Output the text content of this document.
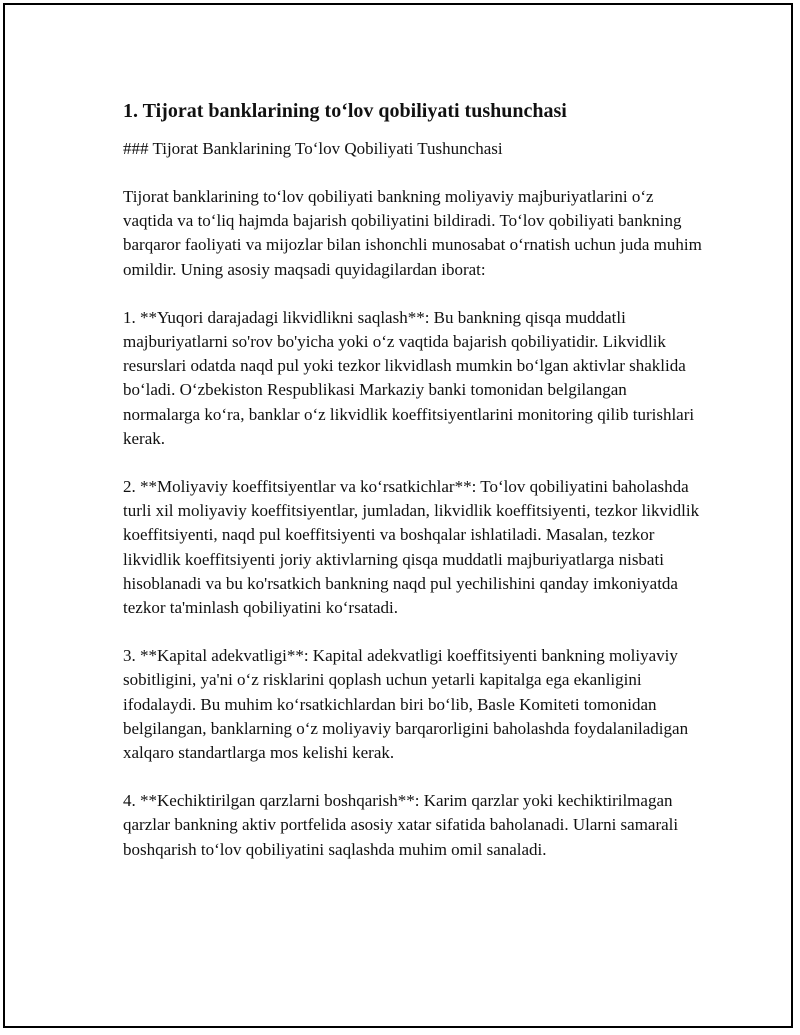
1. Tijorat banklarining to‘lov qobiliyati tushunchasi
### Tijorat Banklarining To‘lov Qobiliyati Tushunchasi

Tijorat banklarining to‘lov qobiliyati bankning moliyaviy majburiyatlarini o‘z vaqtida va to‘liq hajmda bajarish qobiliyatini bildiradi. To‘lov qobiliyati bankning barqaror faoliyati va mijozlar bilan ishonchli munosabat o‘rnatish uchun juda muhim omildir. Uning asosiy maqsadi quyidagilardan iborat:

1. **Yuqori darajadagi likvidlikni saqlash**: Bu bankning qisqa muddatli majburiyatlarni so'rov bo'yicha yoki o‘z vaqtida bajarish qobiliyatidir. Likvidlik resurslari odatda naqd pul yoki tezkor likvidlash mumkin bo‘lgan aktivlar shaklida bo‘ladi. O‘zbekiston Respublikasi Markaziy banki tomonidan belgilangan normalarga ko‘ra, banklar o‘z likvidlik koeffitsiyentlarini monitoring qilib turishlari kerak.

2. **Moliyaviy koeffitsiyentlar va ko‘rsatkichlar**: To‘lov qobiliyatini baholashda turli xil moliyaviy koeffitsiyentlar, jumladan, likvidlik koeffitsiyenti, tezkor likvidlik koeffitsiyenti, naqd pul koeffitsiyenti va boshqalar ishlatiladi. Masalan, tezkor likvidlik koeffitsiyenti joriy aktivlarning qisqa muddatli majburiyatlarga nisbati hisoblanadi va bu ko'rsatkich bankning naqd pul yechilishini qanday imkoniyatda tezkor ta'minlash qobiliyatini ko‘rsatadi.

3. **Kapital adekvatligi**: Kapital adekvatligi koeffitsiyenti bankning moliyaviy sobitligini, ya'ni o‘z risklarini qoplash uchun yetarli kapitalga ega ekanligini ifodalaydi. Bu muhim ko‘rsatkichlardan biri bo‘lib, Basle Komiteti tomonidan belgilangan, banklarning o‘z moliyaviy barqarorligini baholashda foydalaniladigan xalqaro standartlarga mos kelishi kerak.

4. **Kechiktirilgan qarzlarni boshqarish**: Karim qarzlar yoki kechiktirilmagan qarzlar bankning aktiv portfelida asosiy xatar sifatida baholanadi. Ularni samarali boshqarish to‘lov qobiliyatini saqlashda muhim omil sanaladi.
